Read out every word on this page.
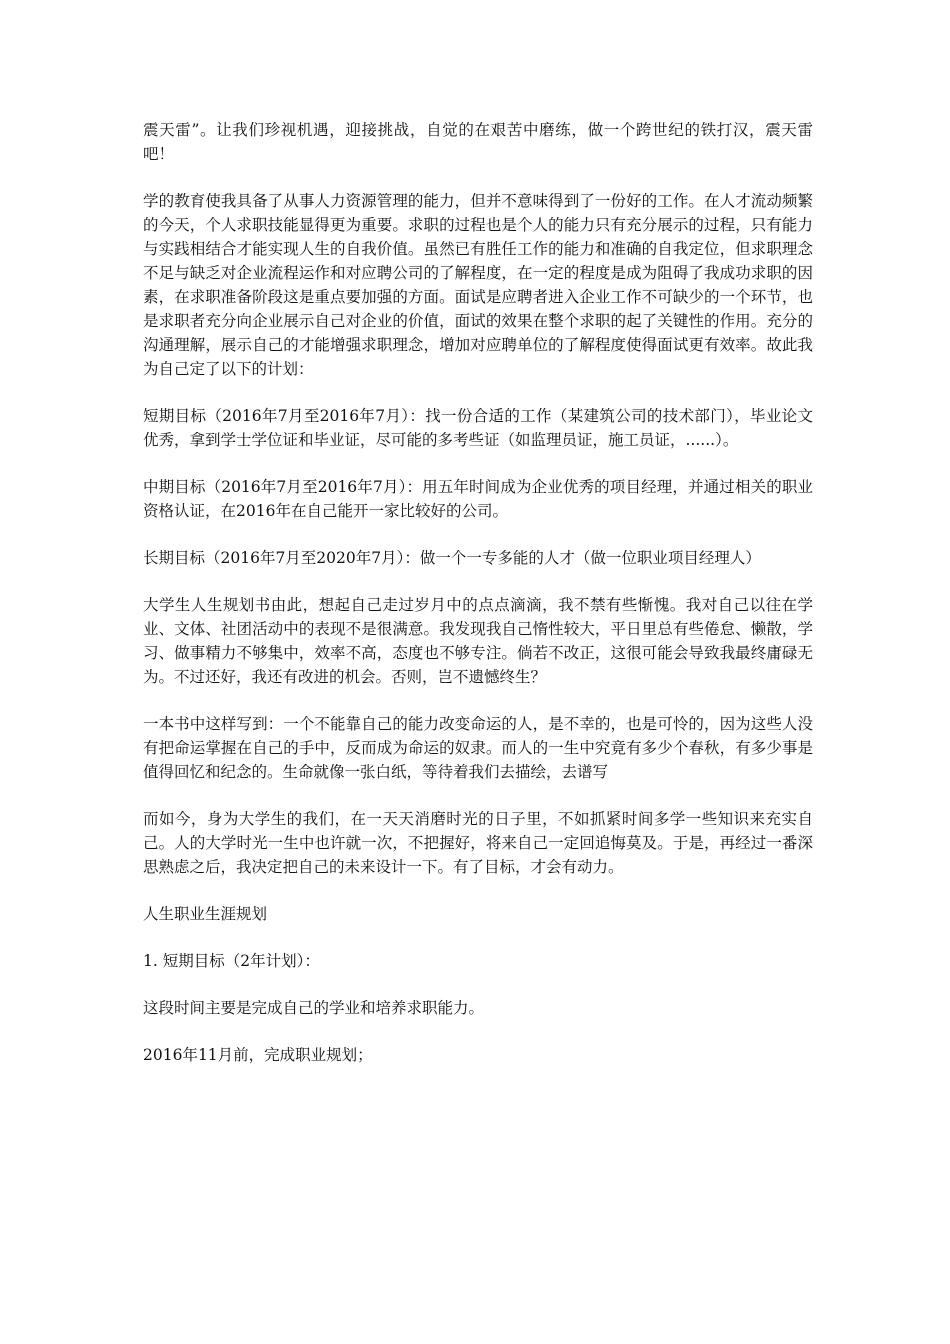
震天雷”。让我们珍视机遇，迎接挑战，自觉的在艰苦中磨练，做一个跨世纪的铁打汉，震天雷吧！

学的教育使我具备了从事人力资源管理的能力，但并不意味得到了一份好的工作。在人才流动频繁的今天，个人求职技能显得更为重要。求职的过程也是个人的能力只有充分展示的过程，只有能力与实践相结合才能实现人生的自我价值。虽然已有胜任工作的能力和准确的自我定位，但求职理念不足与缺乏对企业流程运作和对应聘公司的了解程度，在一定的程度是成为阻碍了我成功求职的因素，在求职准备阶段这是重点要加强的方面。面试是应聘者进入企业工作不可缺少的一个环节，也是求职者充分向企业展示自己对企业的价值，面试的效果在整个求职的起了关键性的作用。充分的沟通理解，展示自己的才能增强求职理念，增加对应聘单位的了解程度使得面试更有效率。故此我为自己定了以下的计划：

短期目标（2016年7月至2016年7月）：找一份合适的工作（某建筑公司的技术部门），毕业论文优秀，拿到学士学位证和毕业证，尽可能的多考些证（如监理员证，施工员证，......）。

中期目标（2016年7月至2016年7月）：用五年时间成为企业优秀的项目经理，并通过相关的职业资格认证，在2016年在自己能开一家比较好的公司。

长期目标（2016年7月至2020年7月）：做一个一专多能的人才（做一位职业项目经理人）

大学生人生规划书由此，想起自己走过岁月中的点点滴滴，我不禁有些惭愧。我对自己以往在学业、文体、社团活动中的表现不是很满意。我发现我自己惰性较大，平日里总有些倦怠、懒散，学习、做事精力不够集中，效率不高，态度也不够专注。倘若不改正，这很可能会导致我最终庸碌无为。不过还好，我还有改进的机会。否则，岂不遗憾终生？

一本书中这样写到：一个不能靠自己的能力改变命运的人，是不幸的，也是可怜的，因为这些人没有把命运掌握在自己的手中，反而成为命运的奴隶。而人的一生中究竟有多少个春秋，有多少事是值得回忆和纪念的。生命就像一张白纸，等待着我们去描绘，去谱写

而如今，身为大学生的我们，在一天天消磨时光的日子里，不如抓紧时间多学一些知识来充实自己。人的大学时光一生中也许就一次，不把握好，将来自己一定回追悔莫及。于是，再经过一番深思熟虑之后，我决定把自己的未来设计一下。有了目标，才会有动力。

人生职业生涯规划

1. 短期目标（2年计划）：

这段时间主要是完成自己的学业和培养求职能力。

2016年11月前，完成职业规划；
